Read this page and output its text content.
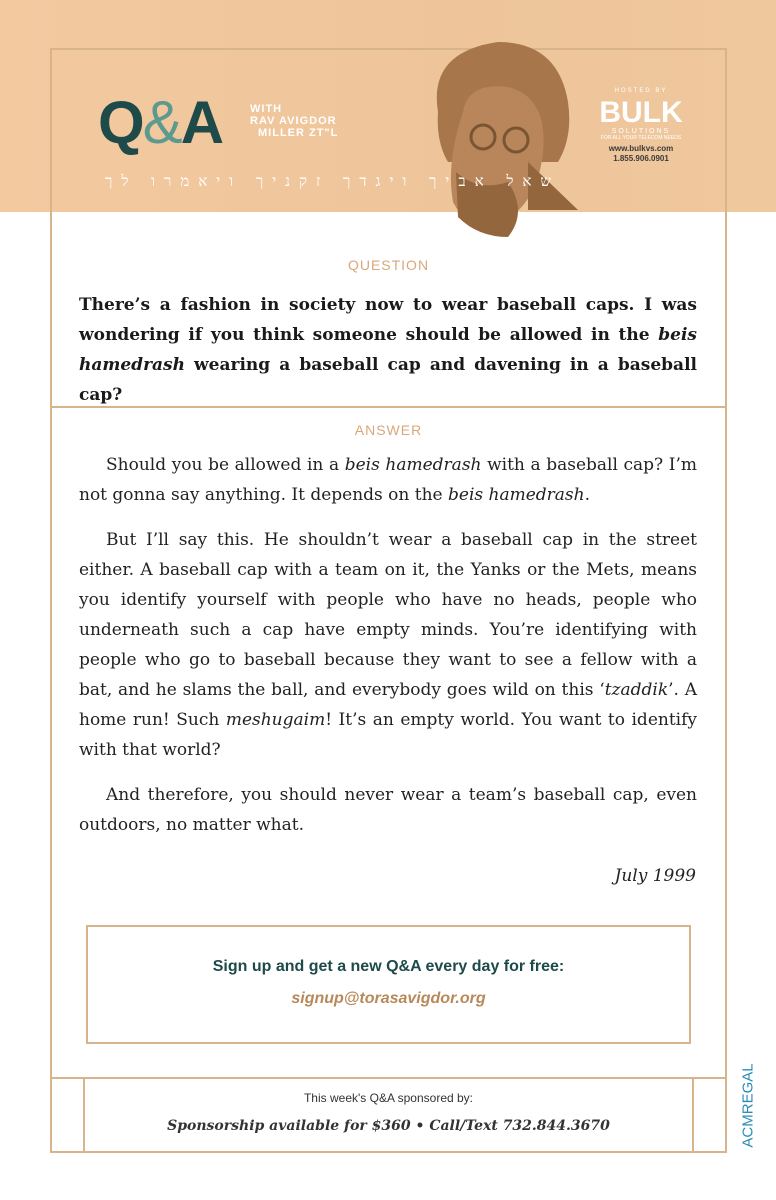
Q&A	WITH
RAV AVIGDOR
MILLER ZT"L
שאל אביך ויגדך זקניך ויאמרו לך
HOSTED BY
BULK
SOLUTIONS
FOR ALL YOUR TELECOM NEEDS
www.bulkvs.com
1.855.906.0901
QUESTION
There’s a fashion in society now to wear baseball caps. I was wondering if you think someone should be allowed in the beis hamedrash wearing a baseball cap and davening in a baseball cap?
ANSWER

Should you be allowed in a beis hamedrash with a baseball cap? I’m not gonna say anything. It depends on the beis hamedrash.

But I’ll say this. He shouldn’t wear a baseball cap in the street either. A baseball cap with a team on it, the Yanks or the Mets, means you identify yourself with people who have no heads, people who underneath such a cap have empty minds. You’re identifying with people who go to baseball because they want to see a fellow with a bat, and he slams the ball, and everybody goes wild on this ‘tzaddik’. A home run! Such meshugaim! It’s an empty world. You want to identify with that world?

And therefore, you should never wear a team’s baseball cap, even outdoors, no matter what.

July 1999
Sign up and get a new Q&A every day for free:
signup@torasavigdor.org
This week's Q&A sponsored by:
Sponsorship available for $360 • Call/Text 732.844.3670	ACMREGAL
